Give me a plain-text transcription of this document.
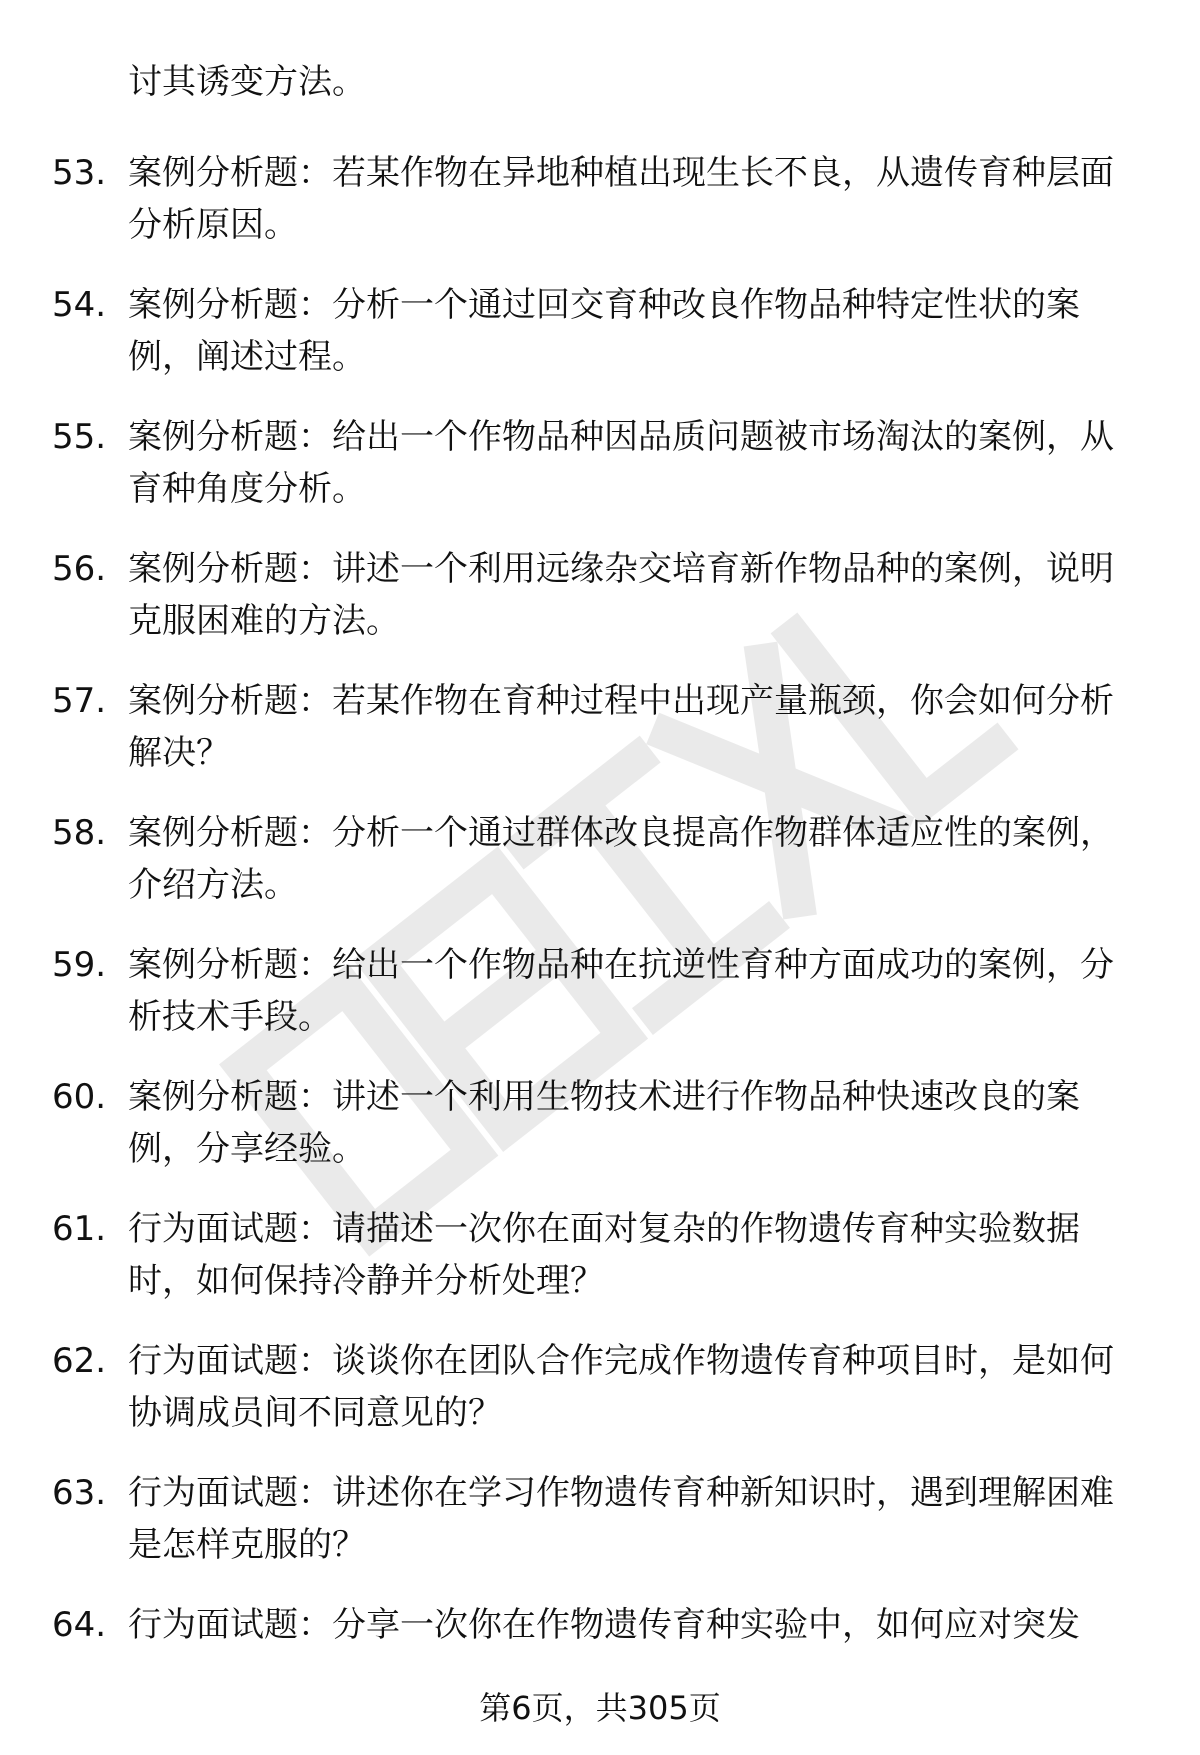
讨其诱变方法。
53. 案例分析题：若某作物在异地种植出现生长不良，从遗传育种层面分析原因。
54. 案例分析题：分析一个通过回交育种改良作物品种特定性状的案例，阐述过程。
55. 案例分析题：给出一个作物品种因品质问题被市场淘汰的案例，从育种角度分析。
56. 案例分析题：讲述一个利用远缘杂交培育新作物品种的案例，说明克服困难的方法。
57. 案例分析题：若某作物在育种过程中出现产量瓶颈，你会如何分析解决？
58. 案例分析题：分析一个通过群体改良提高作物群体适应性的案例，介绍方法。
59. 案例分析题：给出一个作物品种在抗逆性育种方面成功的案例，分析技术手段。
60. 案例分析题：讲述一个利用生物技术进行作物品种快速改良的案例，分享经验。
61. 行为面试题：请描述一次你在面对复杂的作物遗传育种实验数据时，如何保持冷静并分析处理？
62. 行为面试题：谈谈你在团队合作完成作物遗传育种项目时，是如何协调成员间不同意见的？
63. 行为面试题：讲述你在学习作物遗传育种新知识时，遇到理解困难是怎样克服的？
64. 行为面试题：分享一次你在作物遗传育种实验中，如何应对突发
第6页，共305页
